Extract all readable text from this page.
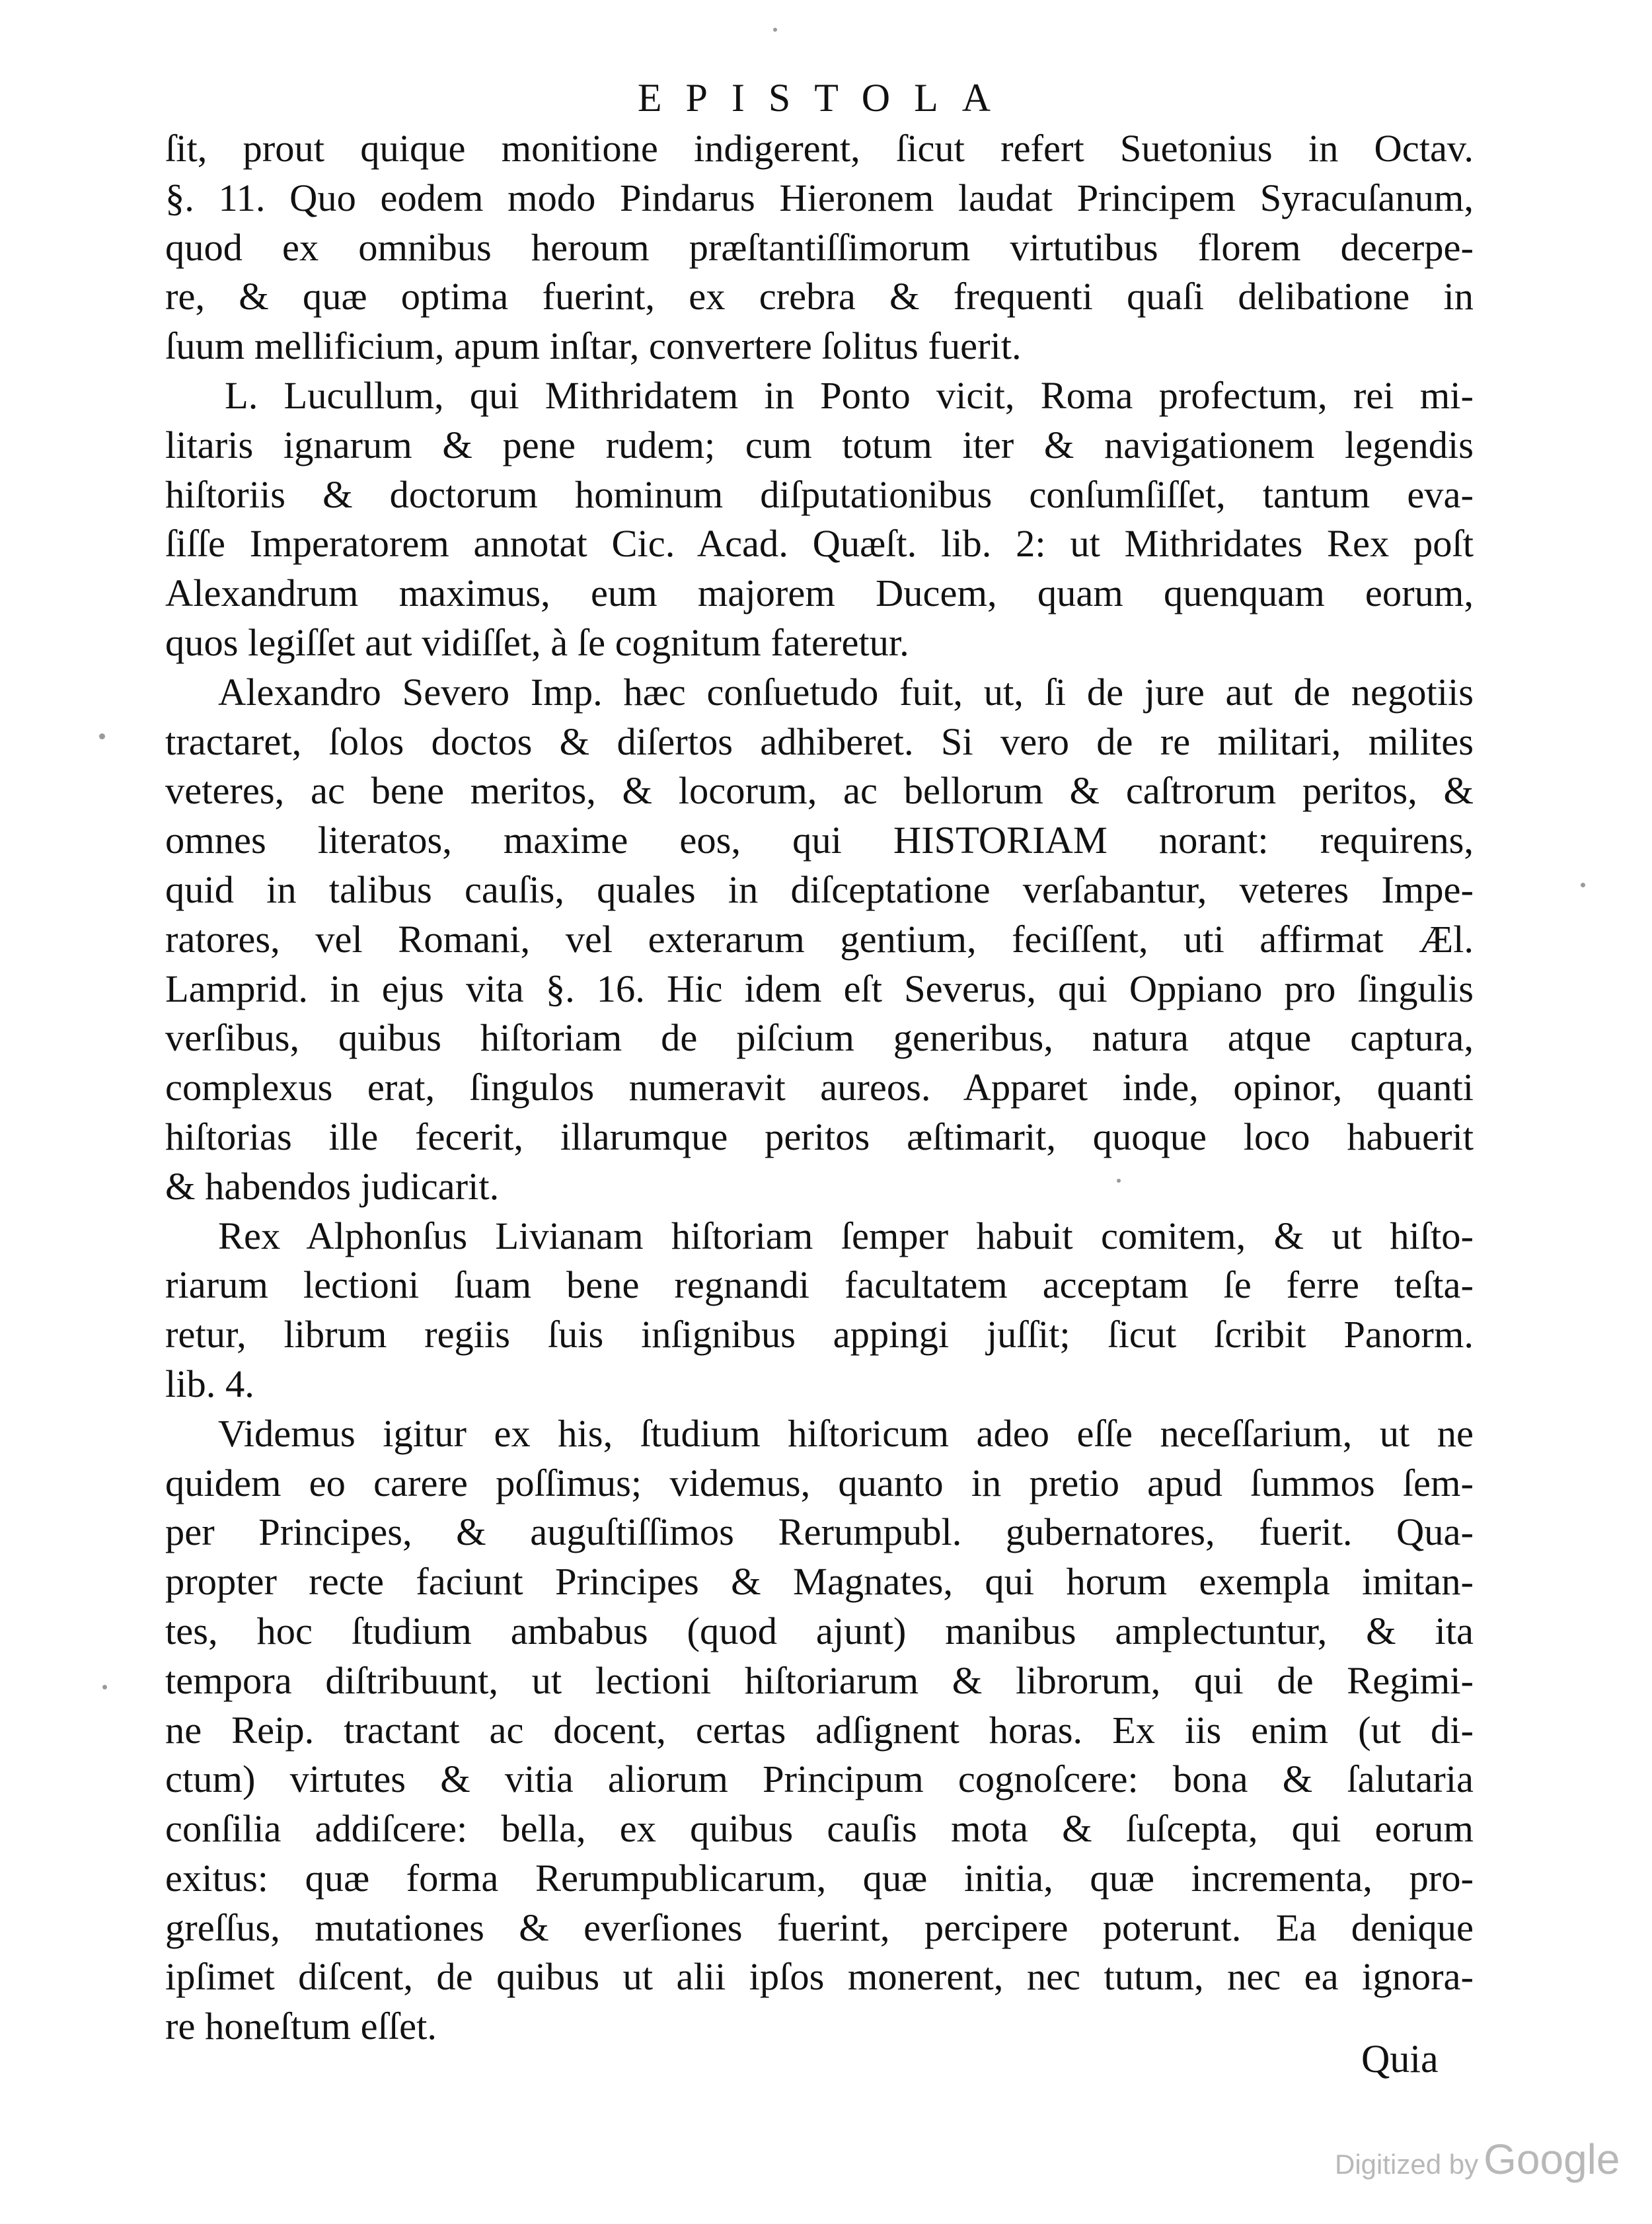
EPISTOLA
ſit, prout quique monitione indigerent, ſicut refert Suetonius in Octav.
§. 11. Quo eodem modo Pindarus Hieronem laudat Principem Syracuſanum,
quod ex omnibus heroum præſtantiſſimorum virtutibus florem decerpe-
re, & quæ optima fuerint, ex crebra & frequenti quaſi delibatione in
ſuum mellificium, apum inſtar, convertere ſolitus fuerit.
L. Lucullum, qui Mithridatem in Ponto vicit, Roma profectum, rei mi-
litaris ignarum & pene rudem; cum totum iter & navigationem legendis
hiſtoriis & doctorum hominum diſputationibus conſumſiſſet, tantum eva-
ſiſſe Imperatorem annotat Cic. Acad. Quæſt. lib. 2: ut Mithridates Rex poſt
Alexandrum maximus, eum majorem Ducem, quam quenquam eorum,
quos legiſſet aut vidiſſet, à ſe cognitum fateretur.
Alexandro Severo Imp. hæc conſuetudo fuit, ut, ſi de jure aut de negotiis
tractaret, ſolos doctos & diſertos adhiberet. Si vero de re militari, milites
veteres, ac bene meritos, & locorum, ac bellorum & caſtrorum peritos, &
omnes literatos, maxime eos, qui HISTORIAM norant: requirens,
quid in talibus cauſis, quales in diſceptatione verſabantur, veteres Impe-
ratores, vel Romani, vel exterarum gentium, feciſſent, uti affirmat Æl.
Lamprid. in ejus vita §. 16. Hic idem eſt Severus, qui Oppiano pro ſingulis
verſibus, quibus hiſtoriam de piſcium generibus, natura atque captura,
complexus erat, ſingulos numeravit aureos. Apparet inde, opinor, quanti
hiſtorias ille fecerit, illarumque peritos æſtimarit, quoque loco habuerit
& habendos judicarit.
Rex Alphonſus Livianam hiſtoriam ſemper habuit comitem, & ut hiſto-
riarum lectioni ſuam bene regnandi facultatem acceptam ſe ferre teſta-
retur, librum regiis ſuis inſignibus appingi juſſit; ſicut ſcribit Panorm.
lib. 4.
Videmus igitur ex his, ſtudium hiſtoricum adeo eſſe neceſſarium, ut ne
quidem eo carere poſſimus; videmus, quanto in pretio apud ſummos ſem-
per Principes, & auguſtiſſimos Rerumpubl. gubernatores, fuerit. Qua-
propter recte faciunt Principes & Magnates, qui horum exempla imitan-
tes, hoc ſtudium ambabus (quod ajunt) manibus amplectuntur, & ita
tempora diſtribuunt, ut lectioni hiſtoriarum & librorum, qui de Regimi-
ne Reip. tractant ac docent, certas adſignent horas. Ex iis enim (ut di-
ctum) virtutes & vitia aliorum Principum cognoſcere: bona & ſalutaria
conſilia addiſcere: bella, ex quibus cauſis mota & ſuſcepta, qui eorum
exitus: quæ forma Rerumpublicarum, quæ initia, quæ incrementa, pro-
greſſus, mutationes & everſiones fuerint, percipere poterunt. Ea denique
ipſimet diſcent, de quibus ut alii ipſos monerent, nec tutum, nec ea ignora-
re honeſtum eſſet.
Quia
Digitized by Google
